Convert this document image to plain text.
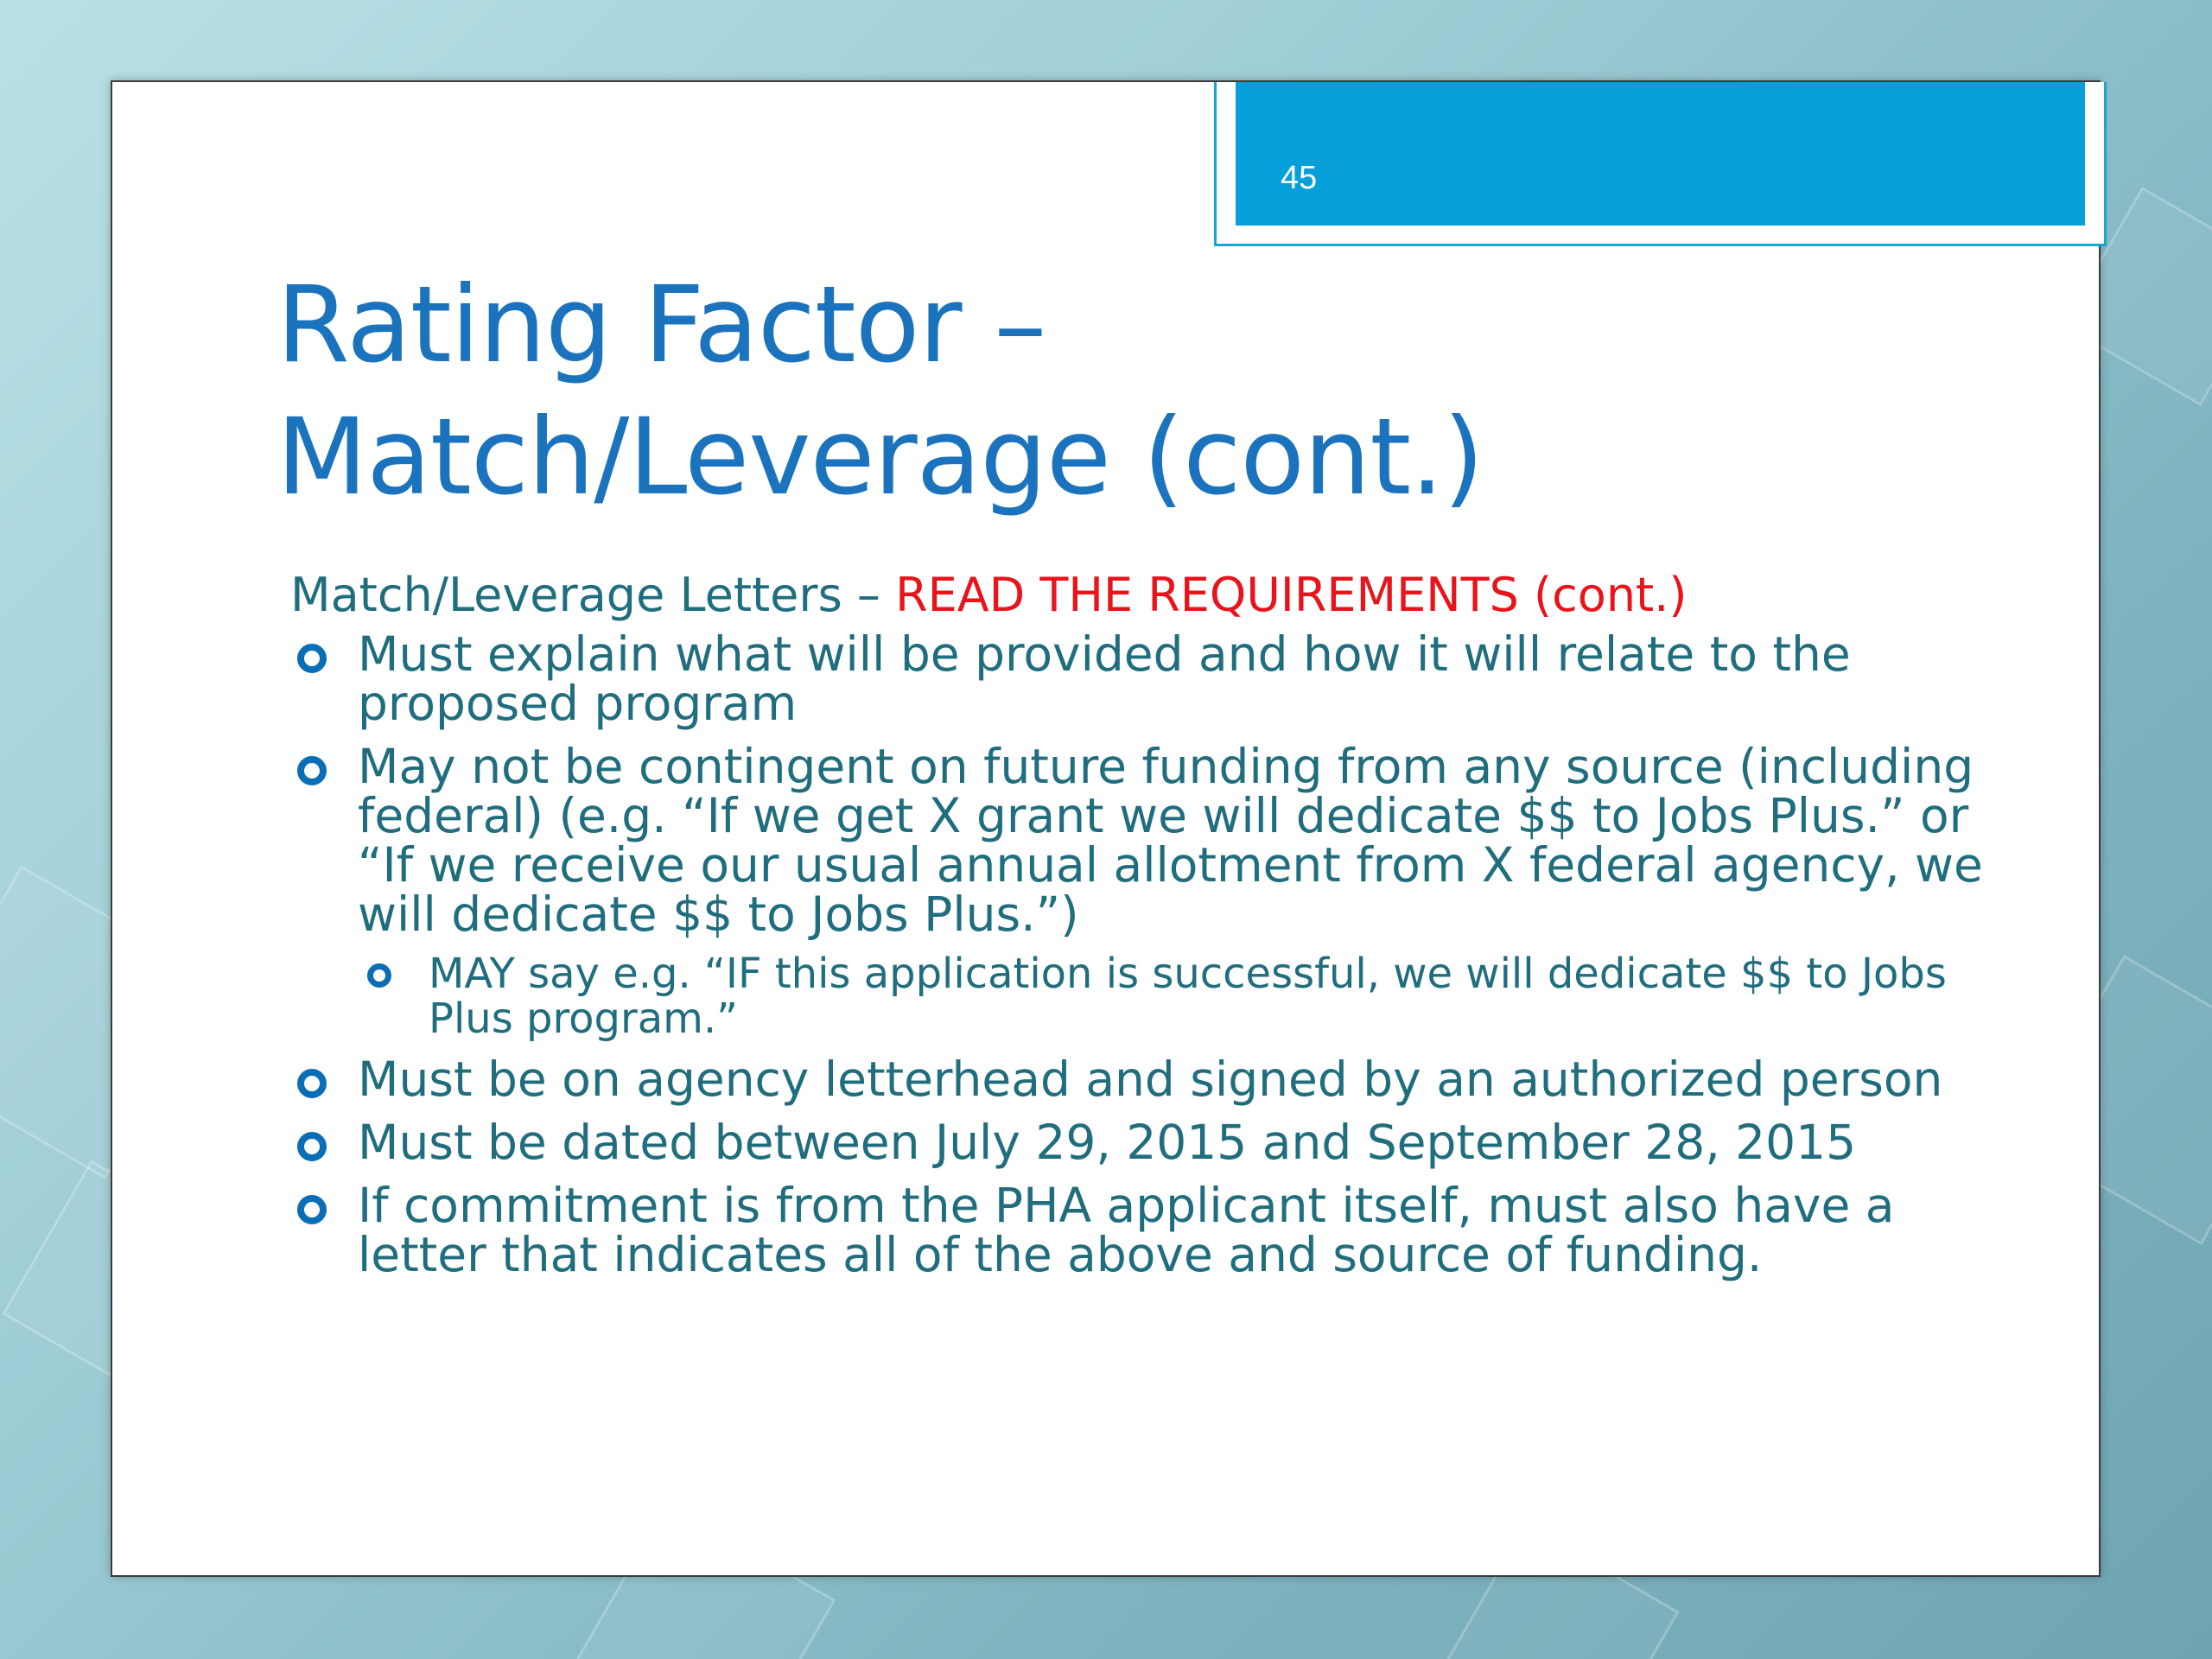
45
Rating Factor –
Match/Leverage (cont.)

Match/Leverage Letters – READ THE REQUIREMENTS (cont.)

Must explain what will be provided and how it will relate to the proposed program
May not be contingent on future funding from any source (including federal) (e.g. “If we get X grant we will dedicate $$ to Jobs Plus.” or “If we receive our usual annual allotment from X federal agency, we will dedicate $$ to Jobs Plus.”)
MAY say e.g. “IF this application is successful, we will dedicate $$ to Jobs Plus program.”
Must be on agency letterhead and signed by an authorized person
Must be dated between July 29, 2015 and September 28, 2015
If commitment is from the PHA applicant itself, must also have a letter that indicates all of the above and source of funding.
